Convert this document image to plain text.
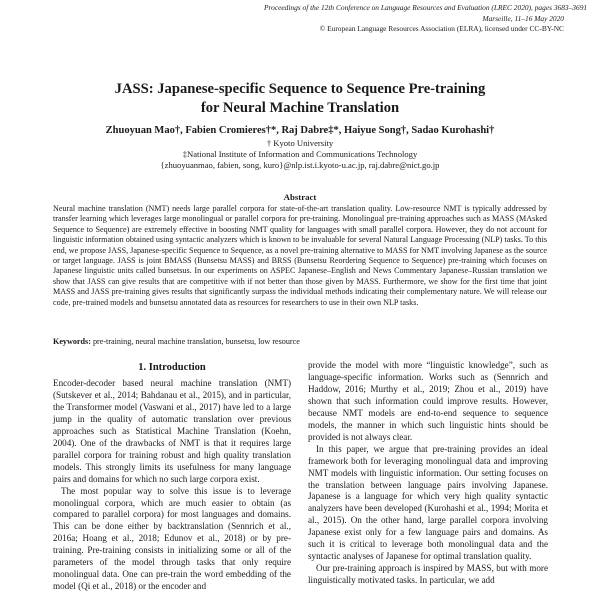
Proceedings of the 12th Conference on Language Resources and Evaluation (LREC 2020), pages 3683–3691
Marseille, 11–16 May 2020
© European Language Resources Association (ELRA), licensed under CC-BY-NC
JASS: Japanese-specific Sequence to Sequence Pre-training
for Neural Machine Translation
Zhuoyuan Mao†, Fabien Cromieres†*, Raj Dabre‡*, Haiyue Song†, Sadao Kurohashi†
† Kyoto University
‡National Institute of Information and Communications Technology
{zhuoyuanmao, fabien, song, kuro}@nlp.ist.i.kyoto-u.ac.jp, raj.dabre@nict.go.jp
Abstract
Neural machine translation (NMT) needs large parallel corpora for state-of-the-art translation quality. Low-resource NMT is typically addressed by transfer learning which leverages large monolingual or parallel corpora for pre-training. Monolingual pre-training approaches such as MASS (MAsked Sequence to Sequence) are extremely effective in boosting NMT quality for languages with small parallel corpora. However, they do not account for linguistic information obtained using syntactic analyzers which is known to be invaluable for several Natural Language Processing (NLP) tasks. To this end, we propose JASS, Japanese-specific Sequence to Sequence, as a novel pre-training alternative to MASS for NMT involving Japanese as the source or target language. JASS is joint BMASS (Bunsetsu MASS) and BRSS (Bunsetsu Reordering Sequence to Sequence) pre-training which focuses on Japanese linguistic units called bunsetsus. In our experiments on ASPEC Japanese–English and News Commentary Japanese–Russian translation we show that JASS can give results that are competitive with if not better than those given by MASS. Furthermore, we show for the first time that joint MASS and JASS pre-training gives results that significantly surpass the individual methods indicating their complementary nature. We will release our code, pre-trained models and bunsetsu annotated data as resources for researchers to use in their own NLP tasks.
Keywords: pre-training, neural machine translation, bunsetsu, low resource
1. Introduction

Encoder-decoder based neural machine translation (NMT) (Sutskever et al., 2014; Bahdanau et al., 2015), and in particular, the Transformer model (Vaswani et al., 2017) have led to a large jump in the quality of automatic translation over previous approaches such as Statistical Machine Translation (Koehn, 2004). One of the drawbacks of NMT is that it requires large parallel corpora for training robust and high quality translation models. This strongly limits its usefulness for many language pairs and domains for which no such large corpora exist.

The most popular way to solve this issue is to leverage monolingual corpora, which are much easier to obtain (as compared to parallel corpora) for most languages and domains. This can be done either by backtranslation (Sennrich et al., 2016a; Hoang et al., 2018; Edunov et al., 2018) or by pre-training. Pre-training consists in initializing some or all of the parameters of the model through tasks that only require monolingual data. One can pre-train the word embedding of the model (Qi et al., 2018) or the encoder and

provide the model with more “linguistic knowledge”, such as language-specific information. Works such as (Sennrich and Haddow, 2016; Murthy et al., 2019; Zhou et al., 2019) have shown that such information could improve results. However, because NMT models are end-to-end sequence to sequence models, the manner in which such linguistic hints should be provided is not always clear.

In this paper, we argue that pre-training provides an ideal framework both for leveraging monolingual data and improving NMT models with linguistic information. Our setting focuses on the translation between language pairs involving Japanese. Japanese is a language for which very high quality syntactic analyzers have been developed (Kurohashi et al., 1994; Morita et al., 2015). On the other hand, large parallel corpora involving Japanese exist only for a few language pairs and domains. As such it is critical to leverage both monolingual data and the syntactic analyses of Japanese for optimal translation quality.

Our pre-training approach is inspired by MASS, but with more linguistically motivated tasks. In particular, we add
